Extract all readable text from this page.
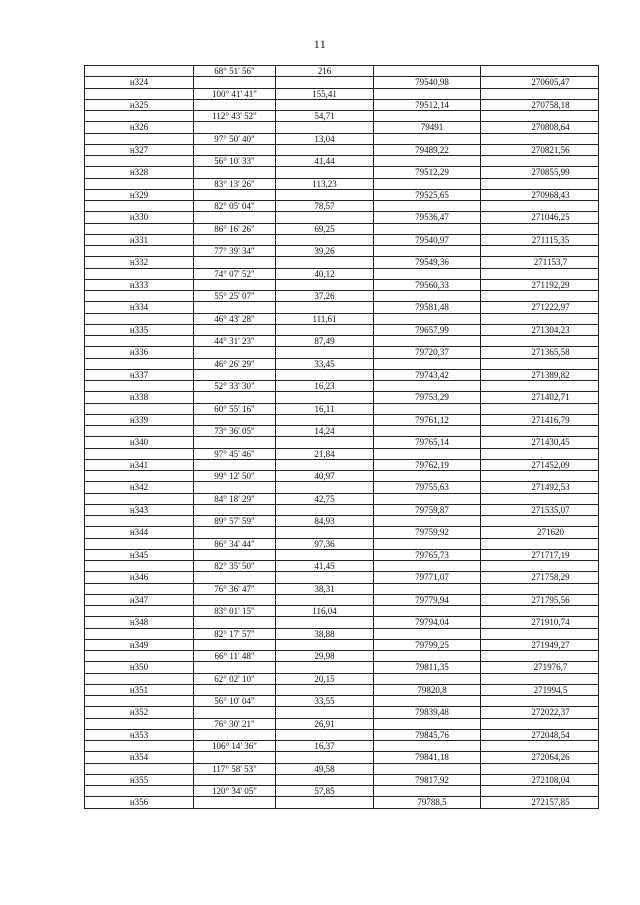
11
	68° 51' 56"	216		
н324			79540,98	270605,47
	100° 41' 41"	155,41		
н325			79512,14	270758,18
	112° 43' 52"	54,71		
н326			79491	270808,64
	97° 50' 40"	13,04		
н327			79489,22	270821,56
	56° 10' 33"	41,44		
н328			79512,29	270855,99
	83° 13' 26"	113,23		
н329			79525,65	270968,43
	82° 05' 04"	78,57		
н330			79536,47	271046,25
	86° 16' 26"	69,25		
н331			79540,97	271115,35
	77° 39' 34"	39,26		
н332			79549,36	271153,7
	74° 07' 52"	40,12		
н333			79560,33	271192,29
	55° 25' 07"	37,26		
н334			79581,48	271222,97
	46° 43' 28"	111,61		
н335			79657,99	271304,23
	44° 31' 23"	87,49		
н336			79720,37	271365,58
	46° 26' 29"	33,45		
н337			79743,42	271389,82
	52° 33' 30"	16,23		
н338			79753,29	271402,71
	60° 55' 16"	16,11		
н339			79761,12	271416,79
	73° 36' 05"	14,24		
н340			79765,14	271430,45
	97° 45' 46"	21,84		
н341			79762,19	271452,09
	99° 12' 50"	40,97		
н342			79755,63	271492,53
	84° 18' 29"	42,75		
н343			79759,87	271535,07
	89° 57' 59"	84,93		
н344			79759,92	271620
	86° 34' 44"	97,36		
н345			79765,73	271717,19
	82° 35' 50"	41,45		
н346			79771,07	271758,29
	76° 36' 47"	38,31		
н347			79779,94	271795,56
	83° 01' 15"	116,04		
н348			79794,04	271910,74
	82° 17' 57"	38,88		
н349			79799,25	271949,27
	66° 11' 48"	29,98		
н350			79811,35	271976,7
	62° 02' 10"	20,15		
н351			79820,8	271994,5
	56° 10' 04"	33,55		
н352			79839,48	272022,37
	76° 30' 21"	26,91		
н353			79845,76	272048,54
	106° 14' 36"	16,37		
н354			79841,18	272064,26
	117° 58' 53"	49,58		
н355			79817,92	272108,04
	120° 34' 05"	57,85		
н356			79788,5	272157,85
